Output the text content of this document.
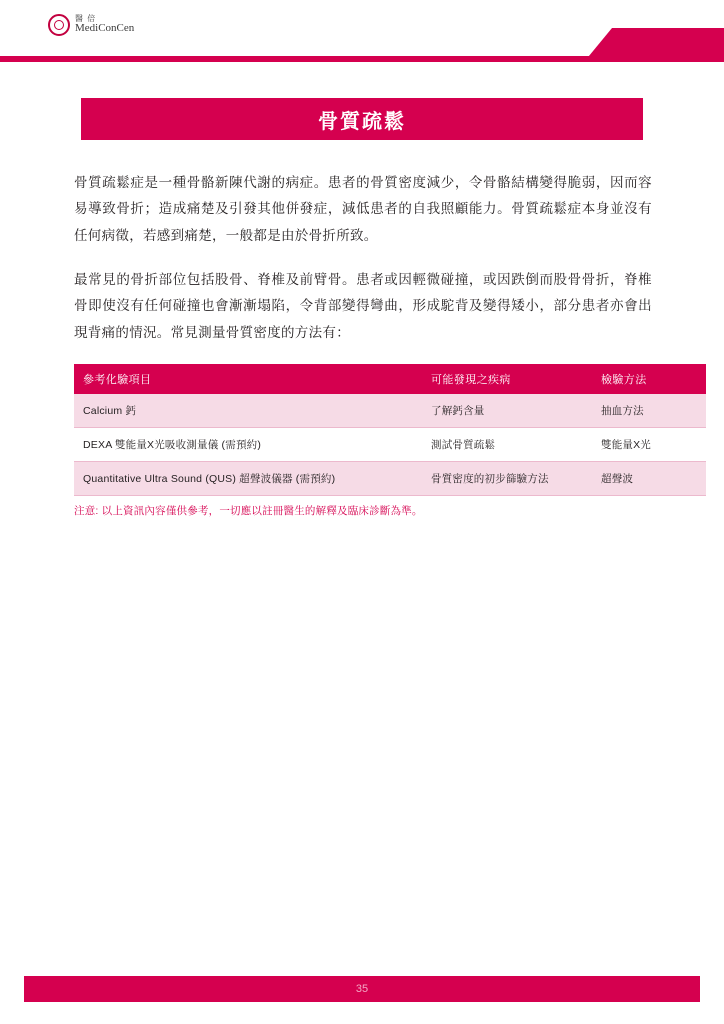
醫 倍
MediConCen
骨質疏鬆

骨質疏鬆症是一種骨骼新陳代謝的病症。患者的骨質密度減少，令骨骼結構變得脆弱，因而容易導致骨折；造成痛楚及引發其他併發症，減低患者的自我照顧能力。骨質疏鬆症本身並沒有任何病徵，若感到痛楚，一般都是由於骨折所致。

最常見的骨折部位包括股骨、脊椎及前臂骨。患者或因輕微碰撞，或因跌倒而股骨骨折，脊椎骨即使沒有任何碰撞也會漸漸塌陷，令背部變得彎曲，形成駝背及變得矮小，部分患者亦會出現背痛的情況。常見測量骨質密度的方法有：

參考化驗項目	可能發現之疾病	檢驗方法
Calcium 鈣	了解鈣含量	抽血方法
DEXA 雙能量X光吸收測量儀 (需預約)	測試骨質疏鬆	雙能量X光
Quantitative Ultra Sound (QUS) 超聲波儀器 (需預約)	骨質密度的初步篩驗方法	超聲波
注意: 以上資訊內容僅供參考，一切應以註冊醫生的解釋及臨床診斷為準。
35
